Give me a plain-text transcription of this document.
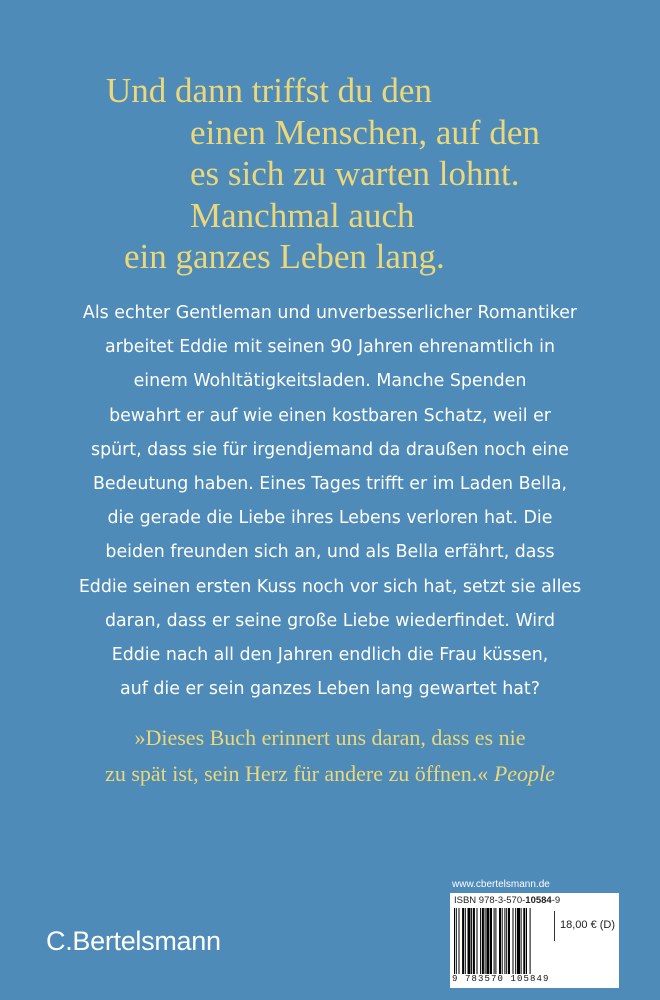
Und dann triffst du den
einen Menschen, auf den
es sich zu warten lohnt.
Manchmal auch
ein ganzes Leben lang.
Als echter Gentleman und unverbesserlicher Romantiker
arbeitet Eddie mit seinen 90 Jahren ehrenamtlich in
einem Wohltätigkeitsladen. Manche Spenden
bewahrt er auf wie einen kostbaren Schatz, weil er
spürt, dass sie für irgendjemand da draußen noch eine
Bedeutung haben. Eines Tages trifft er im Laden Bella,
die gerade die Liebe ihres Lebens verloren hat. Die
beiden freunden sich an, und als Bella erfährt, dass
Eddie seinen ersten Kuss noch vor sich hat, setzt sie alles
daran, dass er seine große Liebe wiederfindet. Wird
Eddie nach all den Jahren endlich die Frau küssen,
auf die er sein ganzes Leben lang gewartet hat?
»Dieses Buch erinnert uns daran, dass es nie
zu spät ist, sein Herz für andere zu öffnen.« People
C.Bertelsmann
www.cbertelsmann.de
ISBN 978-3-570-10584-9
9 783570 105849
18,00 € (D)
